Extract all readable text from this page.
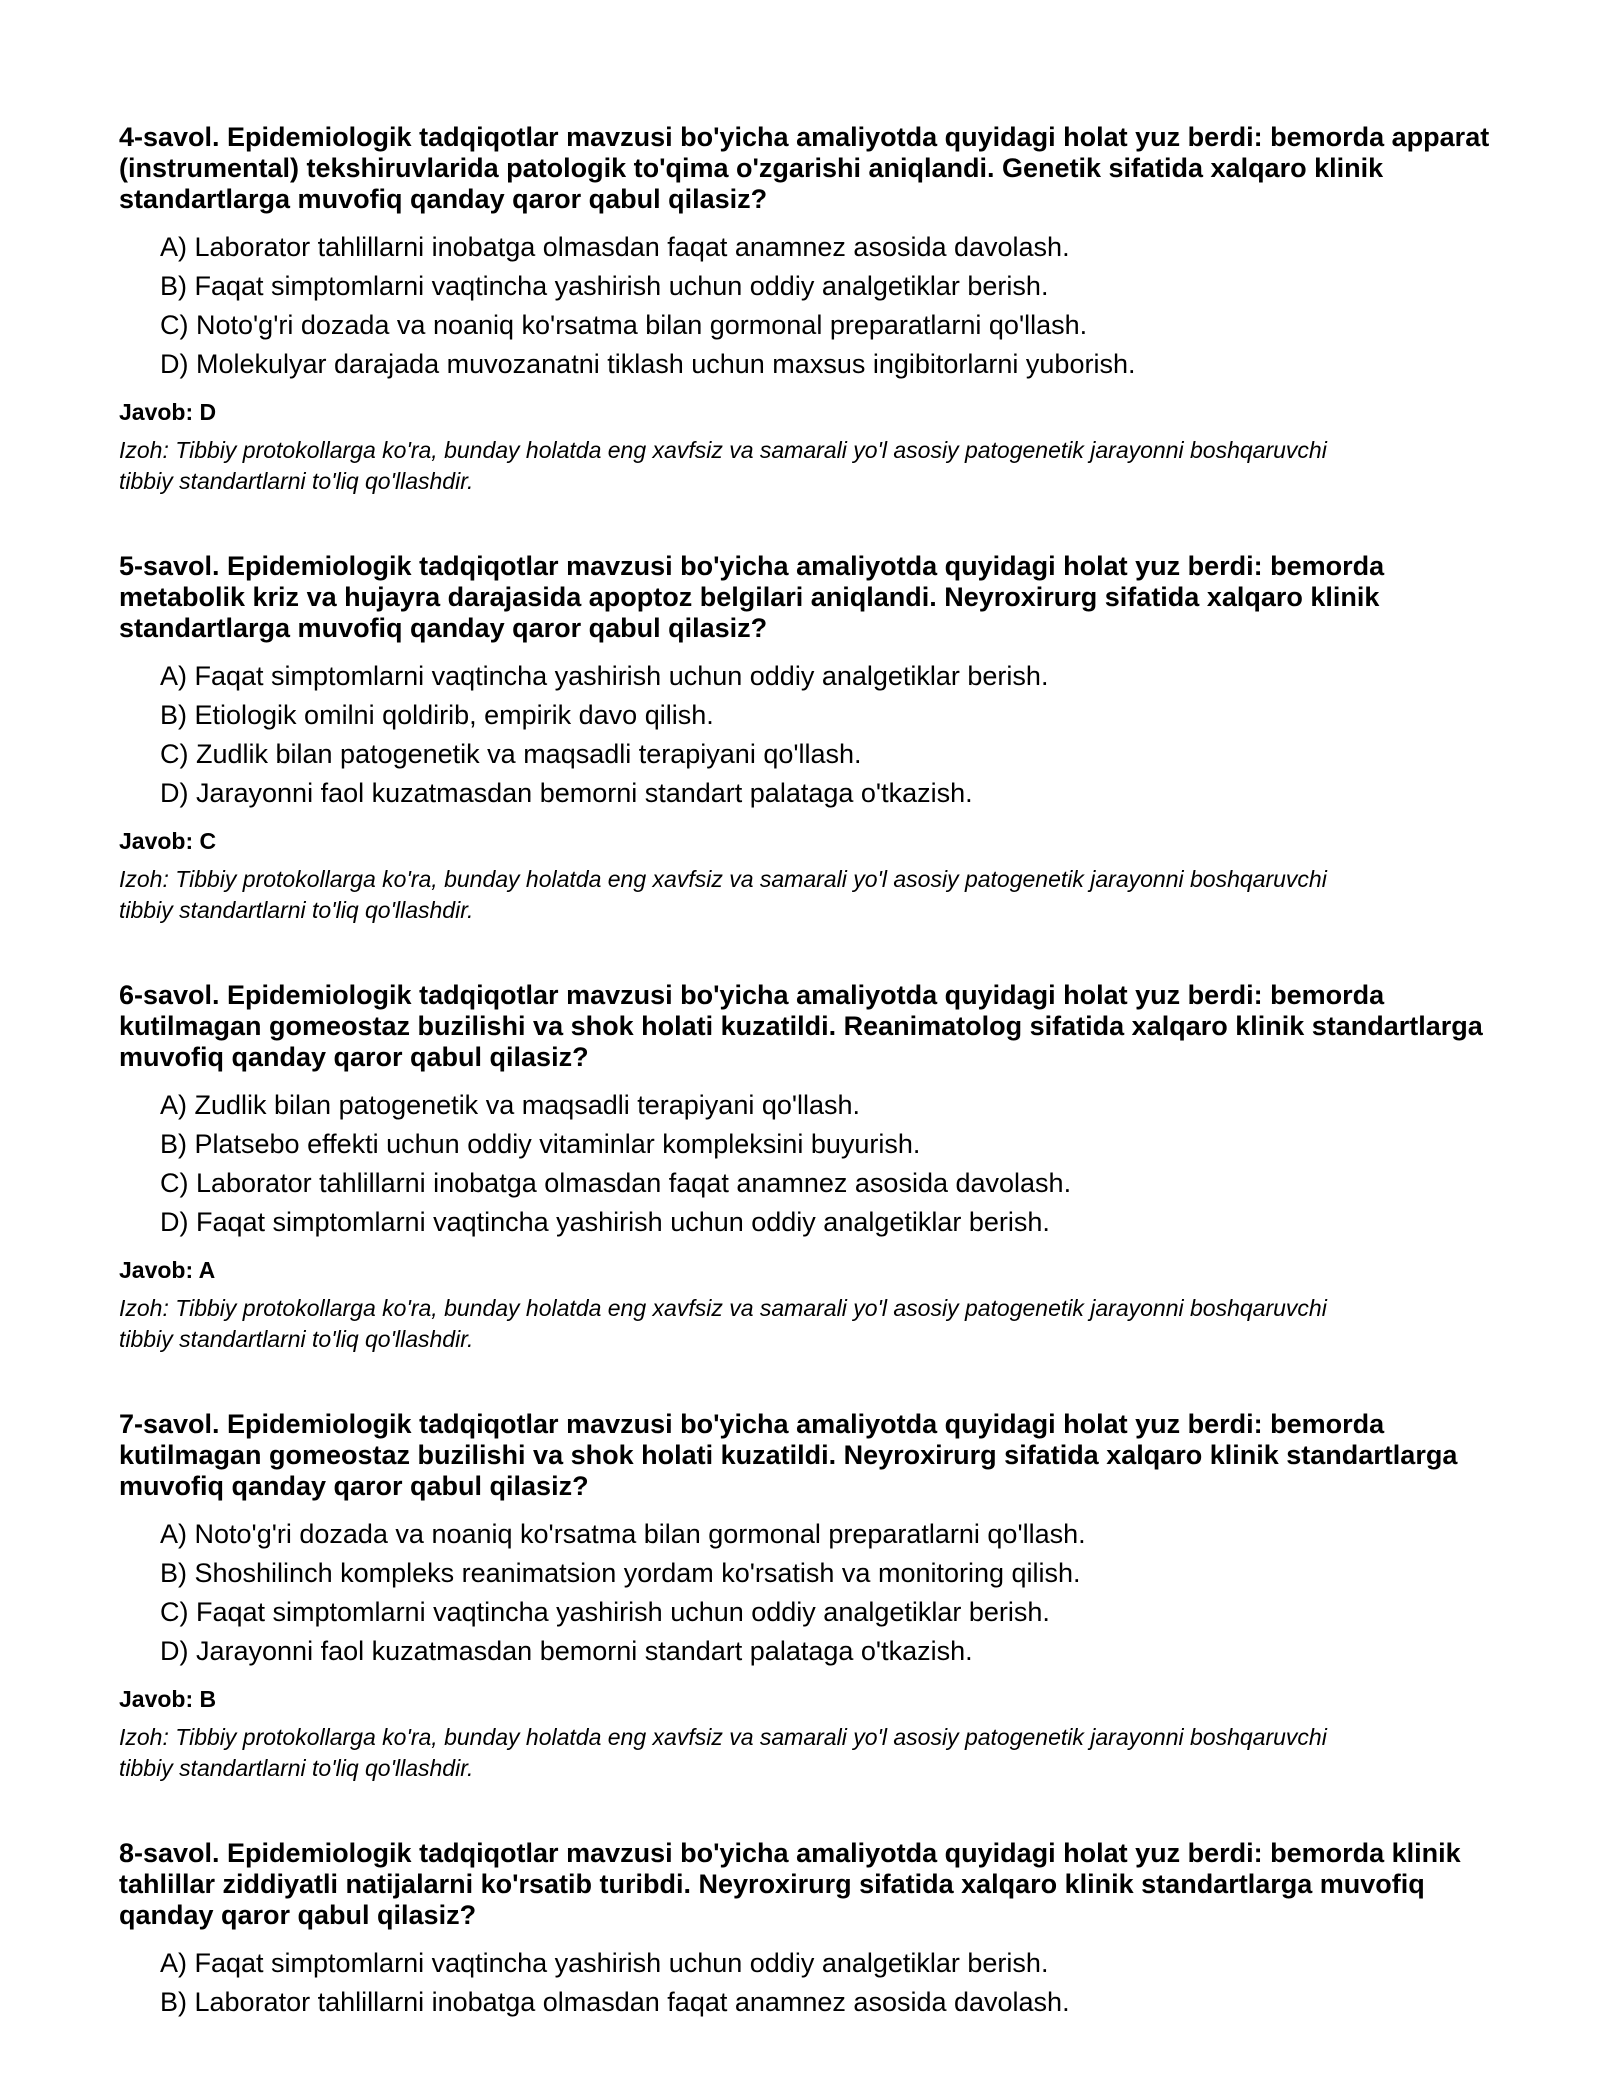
4-savol. Epidemiologik tadqiqotlar mavzusi bo'yicha amaliyotda quyidagi holat yuz berdi: bemorda apparat (instrumental) tekshiruvlarida patologik to'qima o'zgarishi aniqlandi. Genetik sifatida xalqaro klinik standartlarga muvofiq qanday qaror qabul qilasiz?

A) Laborator tahlillarni inobatga olmasdan faqat anamnez asosida davolash.
B) Faqat simptomlarni vaqtincha yashirish uchun oddiy analgetiklar berish.
C) Noto'g'ri dozada va noaniq ko'rsatma bilan gormonal preparatlarni qo'llash.
D) Molekulyar darajada muvozanatni tiklash uchun maxsus ingibitorlarni yuborish.

Javob: D

Izoh: Tibbiy protokollarga ko'ra, bunday holatda eng xavfsiz va samarali yo'l asosiy patogenetik jarayonni boshqaruvchi tibbiy standartlarni to'liq qo'llashdir.

5-savol. Epidemiologik tadqiqotlar mavzusi bo'yicha amaliyotda quyidagi holat yuz berdi: bemorda metabolik kriz va hujayra darajasida apoptoz belgilari aniqlandi. Neyroxirurg sifatida xalqaro klinik standartlarga muvofiq qanday qaror qabul qilasiz?

A) Faqat simptomlarni vaqtincha yashirish uchun oddiy analgetiklar berish.
B) Etiologik omilni qoldirib, empirik davo qilish.
C) Zudlik bilan patogenetik va maqsadli terapiyani qo'llash.
D) Jarayonni faol kuzatmasdan bemorni standart palataga o'tkazish.

Javob: C

Izoh: Tibbiy protokollarga ko'ra, bunday holatda eng xavfsiz va samarali yo'l asosiy patogenetik jarayonni boshqaruvchi tibbiy standartlarni to'liq qo'llashdir.

6-savol. Epidemiologik tadqiqotlar mavzusi bo'yicha amaliyotda quyidagi holat yuz berdi: bemorda kutilmagan gomeostaz buzilishi va shok holati kuzatildi. Reanimatolog sifatida xalqaro klinik standartlarga muvofiq qanday qaror qabul qilasiz?

A) Zudlik bilan patogenetik va maqsadli terapiyani qo'llash.
B) Platsebo effekti uchun oddiy vitaminlar kompleksini buyurish.
C) Laborator tahlillarni inobatga olmasdan faqat anamnez asosida davolash.
D) Faqat simptomlarni vaqtincha yashirish uchun oddiy analgetiklar berish.

Javob: A

Izoh: Tibbiy protokollarga ko'ra, bunday holatda eng xavfsiz va samarali yo'l asosiy patogenetik jarayonni boshqaruvchi tibbiy standartlarni to'liq qo'llashdir.

7-savol. Epidemiologik tadqiqotlar mavzusi bo'yicha amaliyotda quyidagi holat yuz berdi: bemorda kutilmagan gomeostaz buzilishi va shok holati kuzatildi. Neyroxirurg sifatida xalqaro klinik standartlarga muvofiq qanday qaror qabul qilasiz?

A) Noto'g'ri dozada va noaniq ko'rsatma bilan gormonal preparatlarni qo'llash.
B) Shoshilinch kompleks reanimatsion yordam ko'rsatish va monitoring qilish.
C) Faqat simptomlarni vaqtincha yashirish uchun oddiy analgetiklar berish.
D) Jarayonni faol kuzatmasdan bemorni standart palataga o'tkazish.

Javob: B

Izoh: Tibbiy protokollarga ko'ra, bunday holatda eng xavfsiz va samarali yo'l asosiy patogenetik jarayonni boshqaruvchi tibbiy standartlarni to'liq qo'llashdir.

8-savol. Epidemiologik tadqiqotlar mavzusi bo'yicha amaliyotda quyidagi holat yuz berdi: bemorda klinik tahlillar ziddiyatli natijalarni ko'rsatib turibdi. Neyroxirurg sifatida xalqaro klinik standartlarga muvofiq qanday qaror qabul qilasiz?

A) Faqat simptomlarni vaqtincha yashirish uchun oddiy analgetiklar berish.
B) Laborator tahlillarni inobatga olmasdan faqat anamnez asosida davolash.
